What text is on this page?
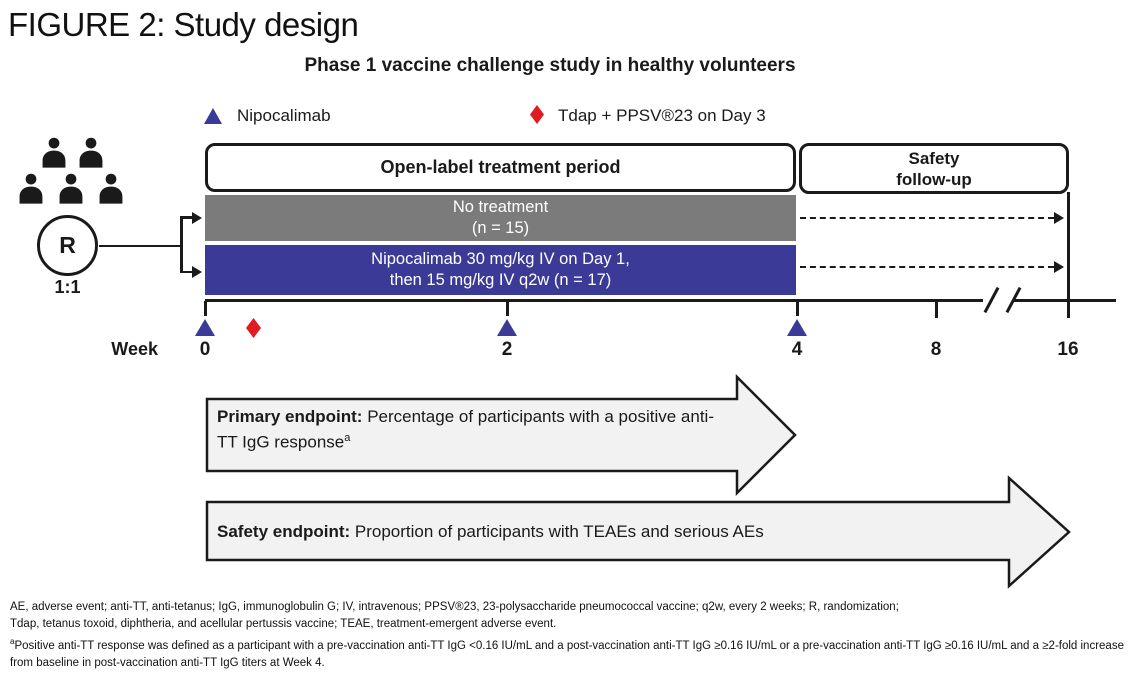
FIGURE 2: Study design
Phase 1 vaccine challenge study in healthy volunteers
Nipocalimab	Tdap + PPSV®23 on Day 3
R
1:1
Open-label treatment period	Safety
follow-up
No treatment
(n = 15)
Nipocalimab 30 mg/kg IV on Day 1,
then 15 mg/kg IV q2w (n = 17)
Week	0	2	4	8	16
Primary endpoint: Percentage of participants with a positive anti-TT IgG response$^a$
Safety endpoint: Proportion of participants with TEAEs and serious AEs
AE, adverse event; anti-TT, anti-tetanus; IgG, immunoglobulin G; IV, intravenous; PPSV®23, 23-polysaccharide pneumococcal vaccine; q2w, every 2 weeks; R, randomization;
Tdap, tetanus toxoid, diphtheria, and acellular pertussis vaccine; TEAE, treatment-emergent adverse event.
$^a$Positive anti-TT response was defined as a participant with a pre-vaccination anti-TT IgG <0.16 IU/mL and a post-vaccination anti-TT IgG ≥0.16 IU/mL or a pre-vaccination anti-TT IgG ≥0.16 IU/mL and a ≥2-fold increase
from baseline in post-vaccination anti-TT IgG titers at Week 4.
